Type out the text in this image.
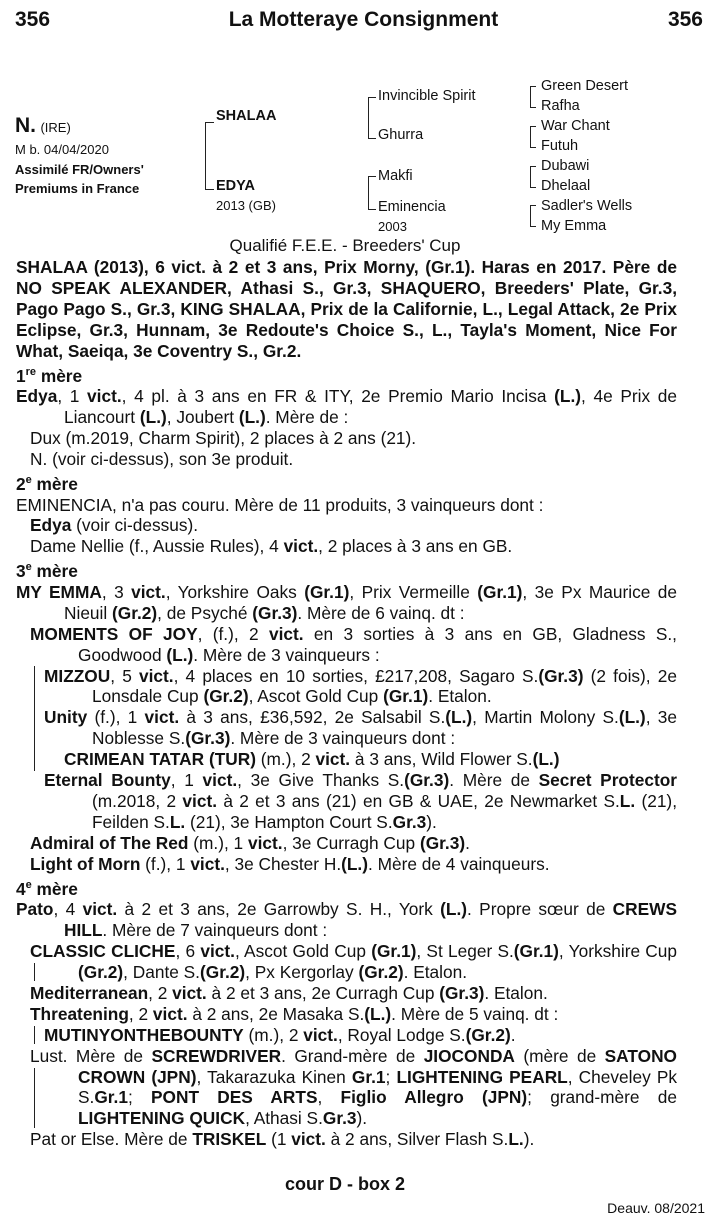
356	La Motteraye Consignment	356
N. (IRE)
M b. 04/04/2020
Assimilé FR/Owners'
Premiums in France
SHALAA
EDYA
2013 (GB)
Invincible Spirit
Ghurra
Makfi
Eminencia
2003
Green Desert
Rafha
War Chant
Futuh
Dubawi
Dhelaal
Sadler's Wells
My Emma
Qualifié F.E.E. - Breeders' Cup

SHALAA (2013), 6 vict. à 2 et 3 ans, Prix Morny, (Gr.1). Haras en 2017. Père de NO SPEAK ALEXANDER, Athasi S., Gr.3, SHAQUERO, Breeders' Plate, Gr.3, Pago Pago S., Gr.3, KING SHALAA, Prix de la Californie, L., Legal Attack, 2e Prix Eclipse, Gr.3, Hunnam, 3e Redoute's Choice S., L., Tayla's Moment, Nice For What, Saeiqa, 3e Coventry S., Gr.2.

1re mère

Edya, 1 vict., 4 pl. à 3 ans en FR & ITY, 2e Premio Mario Incisa (L.), 4e Prix de Liancourt (L.), Joubert (L.). Mère de :

Dux (m.2019, Charm Spirit), 2 places à 2 ans (21).

N. (voir ci-dessus), son 3e produit.

2e mère

EMINENCIA, n'a pas couru. Mère de 11 produits, 3 vainqueurs dont :

Edya (voir ci-dessus).

Dame Nellie (f., Aussie Rules), 4 vict., 2 places à 3 ans en GB.

3e mère

MY EMMA, 3 vict., Yorkshire Oaks (Gr.1), Prix Vermeille (Gr.1), 3e Px Maurice de Nieuil (Gr.2), de Psyché (Gr.3). Mère de 6 vainq. dt :

MOMENTS OF JOY, (f.), 2 vict. en 3 sorties à 3 ans en GB, Gladness S., Goodwood (L.). Mère de 3 vainqueurs :

MIZZOU, 5 vict., 4 places en 10 sorties, £217,208, Sagaro S.(Gr.3) (2 fois), 2e Lonsdale Cup (Gr.2), Ascot Gold Cup (Gr.1). Etalon.

Unity (f.), 1 vict. à 3 ans, £36,592, 2e Salsabil S.(L.), Martin Molony S.(L.), 3e Noblesse S.(Gr.3). Mère de 3 vainqueurs dont :

CRIMEAN TATAR (TUR) (m.), 2 vict. à 3 ans, Wild Flower S.(L.)

Eternal Bounty, 1 vict., 3e Give Thanks S.(Gr.3). Mère de Secret Protector (m.2018, 2 vict. à 2 et 3 ans (21) en GB & UAE, 2e Newmarket S.L. (21), Feilden S.L. (21), 3e Hampton Court S.Gr.3).

Admiral of The Red (m.), 1 vict., 3e Curragh Cup (Gr.3).

Light of Morn (f.), 1 vict., 3e Chester H.(L.). Mère de 4 vainqueurs.

4e mère

Pato, 4 vict. à 2 et 3 ans, 2e Garrowby S. H., York (L.). Propre sœur de CREWS HILL. Mère de 7 vainqueurs dont :

CLASSIC CLICHE, 6 vict., Ascot Gold Cup (Gr.1), St Leger S.(Gr.1), Yorkshire Cup (Gr.2), Dante S.(Gr.2), Px Kergorlay (Gr.2). Etalon.

Mediterranean, 2 vict. à 2 et 3 ans, 2e Curragh Cup (Gr.3). Etalon.

Threatening, 2 vict. à 2 ans, 2e Masaka S.(L.). Mère de 5 vainq. dt :

MUTINYONTHEBOUNTY (m.), 2 vict., Royal Lodge S.(Gr.2).

Lust. Mère de SCREWDRIVER. Grand-mère de JIOCONDA (mère de SATONO CROWN (JPN), Takarazuka Kinen Gr.1; LIGHTENING PEARL, Cheveley Pk S.Gr.1; PONT DES ARTS, Figlio Allegro (JPN); grand-mère de LIGHTENING QUICK, Athasi S.Gr.3).

Pat or Else. Mère de TRISKEL (1 vict. à 2 ans, Silver Flash S.L.).

cour D - box 2
Deauv. 08/2021
